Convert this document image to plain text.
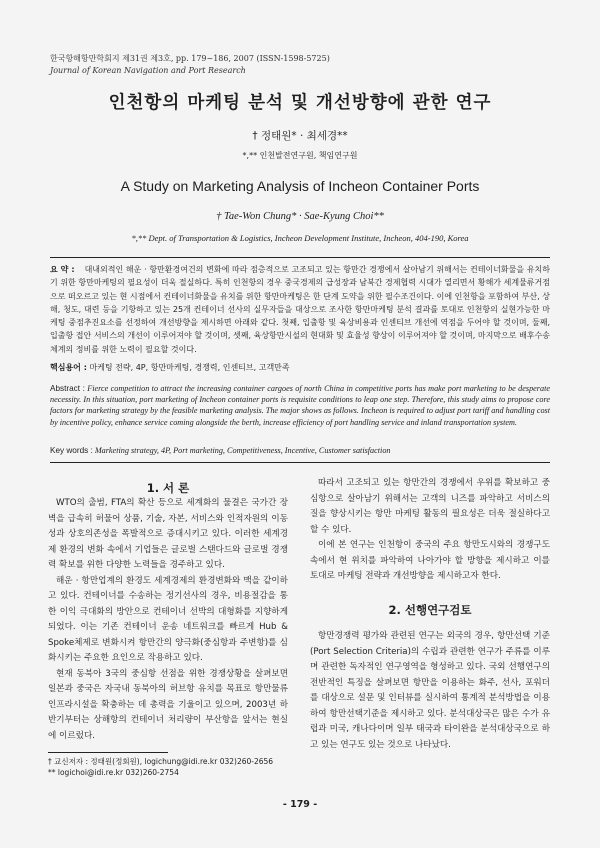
한국항해항만학회지 제31권 제3호, pp. 179~186, 2007 (ISSN-1598-5725)
Journal of Korean Navigation and Port Research
인천항의 마케팅 분석 및 개선방향에 관한 연구
† 정태원* · 최세경**
*,** 인천발전연구원, 책임연구원
A Study on Marketing Analysis of Incheon Container Ports
† Tae-Won Chung* · Sae-Kyung Choi**
*,** Dept. of Transportation & Logistics, Incheon Development Institute, Incheon, 404-190, Korea
요 약 : 대내외적인 해운 · 항만환경여건의 변화에 따라 점층적으로 고조되고 있는 항만간 경쟁에서 살아남기 위해서는 컨테이너화물을 유치하기 위한 항만마케팅의 필요성이 더욱 절실하다. 특히 인천항의 경우 중국경제의 급성장과 남북간 경제협력 시대가 열리면서 황해가 세계물류거점으로 떠오르고 있는 현 시점에서 컨테이너화물을 유치를 위한 항만마케팅은 한 단계 도약을 위한 필수조건이다. 이에 인천항을 포함하여 부산, 상해, 청도, 대련 등을 기항하고 있는 25개 컨테이너 선사의 실무자들을 대상으로 조사한 항만마케팅 분석 결과를 토대로 인천항의 실현가능한 마케팅 중점추진요소를 선정하여 개선방향을 제시하면 아래와 같다. 첫째, 입출항 및 육상비용과 인센티브 개선에 역점을 두어야 할 것이며, 둘째, 입출항 접안 서비스의 개선이 이루어져야 할 것이며, 셋째, 육상항만시설의 현대화 및 효율성 향상이 이루어져야 할 것이며, 마지막으로 배후수송체계의 정비를 위한 노력이 필요할 것이다.
핵심용어 : 마케팅 전략, 4P, 항만마케팅, 경쟁력, 인센티브, 고객만족
Abstract : Fierce competition to attract the increasing container cargoes of north China in competitive ports has make port marketing to be desperate necessity. In this situation, port marketing of Incheon container ports is requisite conditions to leap one step. Therefore, this study aims to propose core factors for marketing strategy by the feasible marketing analysis. The major shows as follows. Incheon is required to adjust port tariff and handling cost by incentive policy, enhance service coming alongside the berth, increase efficiency of port handling service and inland transportation system.
Key words : Marketing strategy, 4P, Port marketing, Competitiveness, Incentive, Customer satisfaction
1. 서 론

WTO의 출범, FTA의 확산 등으로 세계화의 물결은 국가간 장벽을 급속히 허물어 상품, 기술, 자본, 서비스와 인적자원의 이동성과 상호의존성을 폭발적으로 증대시키고 있다. 이러한 세계경제 환경의 변화 속에서 기업들은 글로벌 스탠다드와 글로벌 경쟁력 확보를 위한 다양한 노력들을 경주하고 있다.

해운 · 항만업계의 환경도 세계경제의 환경변화와 맥을 같이하고 있다. 컨테이너를 수송하는 정기선사의 경우, 비용절감을 통한 이익 극대화의 방안으로 컨테이너 선박의 대형화를 지향하게 되었다. 이는 기존 컨테이너 운송 네트워크를 빠르게 Hub & Spoke체제로 변화시켜 항만간의 양극화(중심항과 주변항)를 심화시키는 주요한 요인으로 작용하고 있다.

현재 동북아 3국의 중심항 선점을 위한 경쟁상황을 살펴보면 일본과 중국은 자국내 동북아의 허브항 유치를 목표로 항만물류 인프라시설을 확충하는 데 총력을 기울이고 있으며, 2003년 하반기부터는 상해항의 컨테이너 처리량이 부산항을 앞서는 현실에 이르렀다.

따라서 고조되고 있는 항만간의 경쟁에서 우위를 확보하고 중심항으로 살아남기 위해서는 고객의 니즈를 파악하고 서비스의 질을 향상시키는 항만 마케팅 활동의 필요성은 더욱 절실하다고 할 수 있다.

이에 본 연구는 인천항이 중국의 주요 항만도시와의 경쟁구도 속에서 현 위치를 파악하여 나아가야 할 방향을 제시하고 이를 토대로 마케팅 전략과 개선방향을 제시하고자 한다.

2. 선행연구검토

항만경쟁력 평가와 관련된 연구는 외국의 경우, 항만선택 기준(Port Selection Criteria)의 수립과 관련한 연구가 주류를 이루며 관련한 독자적인 연구영역을 형성하고 있다. 국외 선행연구의 전반적인 특징을 살펴보면 항만을 이용하는 화주, 선사, 포워더를 대상으로 설문 및 인터뷰를 실시하여 통계적 분석방법을 이용하여 항만선택기준을 제시하고 있다. 분석대상국은 많은 수가 유럽과 미국, 캐나다이며 일부 태국과 타이완을 분석대상국으로 하고 있는 연구도 있는 것으로 나타났다.

† 교신저자 : 정태원(정회원), logichung@idi.re.kr 032)260-2656
** logichoi@idi.re.kr 032)260-2754
- 179 -
